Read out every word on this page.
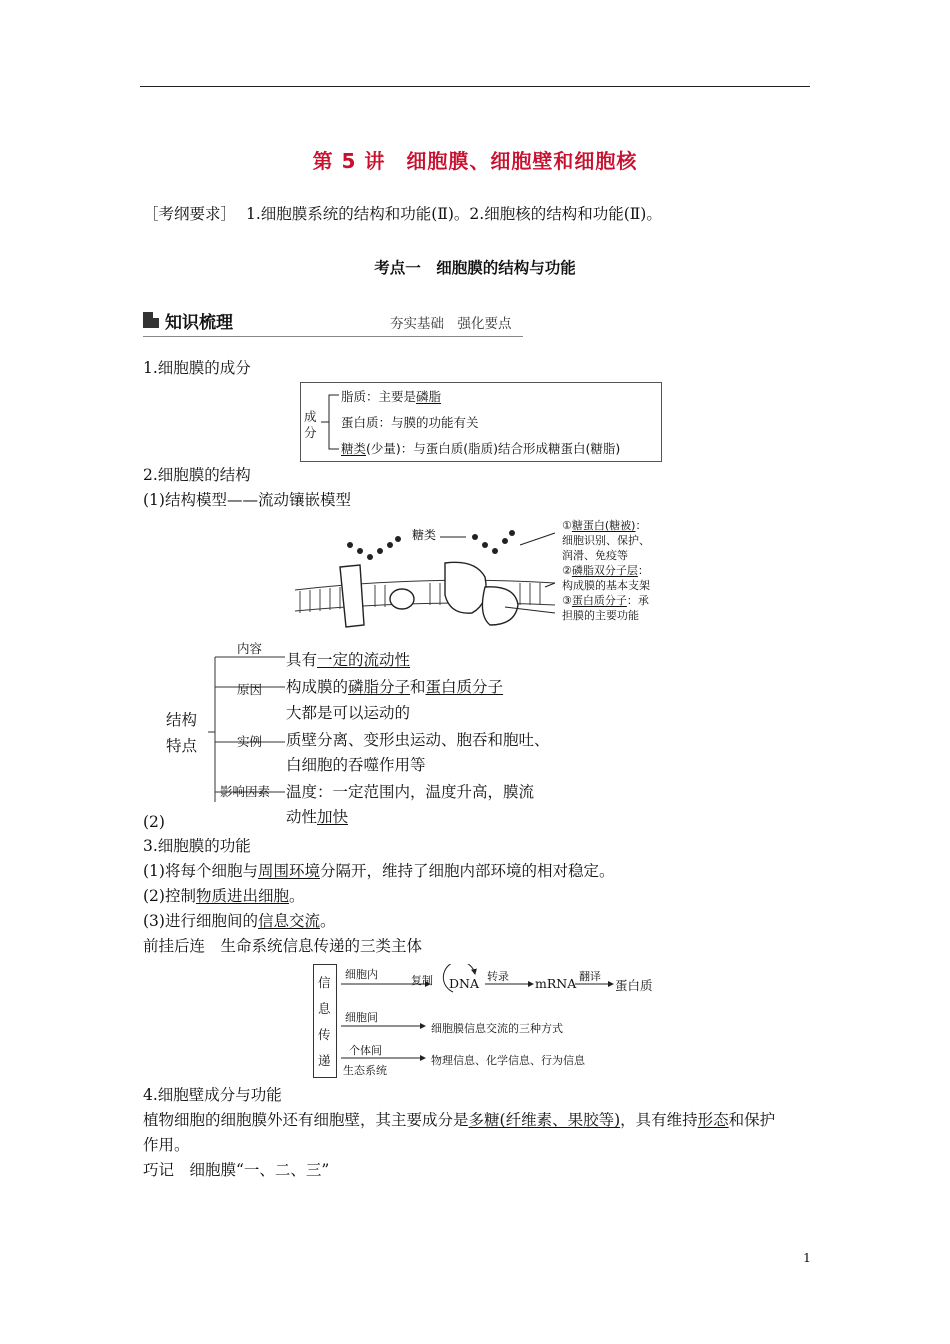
第 5 讲　细胞膜、细胞壁和细胞核
［考纲要求］ 1.细胞膜系统的结构和功能(Ⅱ)。2.细胞核的结构和功能(Ⅱ)。
考点一　细胞膜的结构与功能
知识梳理	夯实基础　强化要点
1.细胞膜的成分
成
分
脂质：主要是磷脂
蛋白质：与膜的功能有关
糖类(少量)：与蛋白质(脂质)结合形成糖蛋白(糖脂)
2.细胞膜的结构
(1)结构模型——流动镶嵌模型
糖类
①糖蛋白(糖被)：
细胞识别、保护、
润滑、免疫等
②磷脂双分子层：
构成膜的基本支架
③蛋白质分子：承
担膜的主要功能
结构
特点
内容
原因
实例
影响因素
具有一定的流动性
构成膜的磷脂分子和蛋白质分子
大都是可以运动的
质壁分离、变形虫运动、胞吞和胞吐、
白细胞的吞噬作用等
温度：一定范围内，温度升高，膜流
动性加快
(2)
3.细胞膜的功能
(1)将每个细胞与周围环境分隔开，维持了细胞内部环境的相对稳定。
(2)控制物质进出细胞。
(3)进行细胞间的信息交流。
前挂后连　生命系统信息传递的三类主体
信
息
传
递
细胞内	复制 DNA 转录 mRNA 翻译
蛋白质
细胞间
细胞膜信息交流的三种方式
个体间
生态系统
物理信息、化学信息、行为信息
4.细胞壁成分与功能
植物细胞的细胞膜外还有细胞壁，其主要成分是多糖(纤维素、果胶等)，具有维持形态和保护
作用。
巧记　细胞膜“一、二、三”
1
